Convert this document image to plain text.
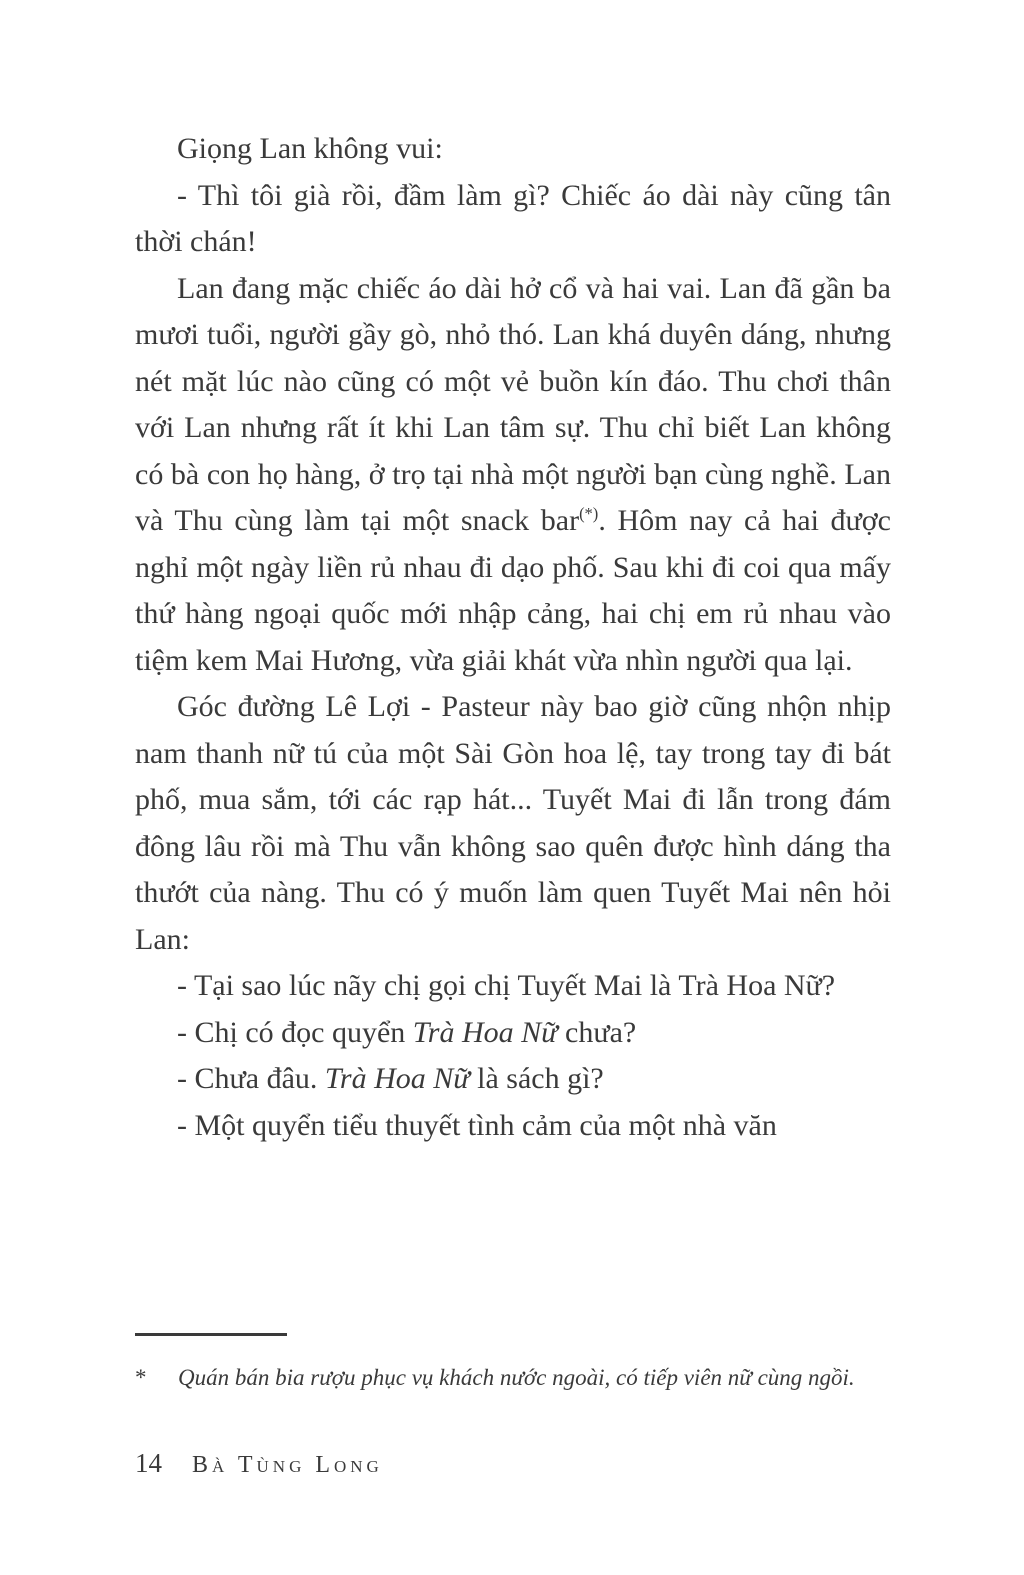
Giọng Lan không vui:

- Thì tôi già rồi, đầm làm gì? Chiếc áo dài này cũng tân thời chán!

Lan đang mặc chiếc áo dài hở cổ và hai vai. Lan đã gần ba mươi tuổi, người gầy gò, nhỏ thó. Lan khá duyên dáng, nhưng nét mặt lúc nào cũng có một vẻ buồn kín đáo. Thu chơi thân với Lan nhưng rất ít khi Lan tâm sự. Thu chỉ biết Lan không có bà con họ hàng, ở trọ tại nhà một người bạn cùng nghề. Lan và Thu cùng làm tại một snack bar(*). Hôm nay cả hai được nghỉ một ngày liền rủ nhau đi dạo phố. Sau khi đi coi qua mấy thứ hàng ngoại quốc mới nhập cảng, hai chị em rủ nhau vào tiệm kem Mai Hương, vừa giải khát vừa nhìn người qua lại.

Góc đường Lê Lợi - Pasteur này bao giờ cũng nhộn nhịp nam thanh nữ tú của một Sài Gòn hoa lệ, tay trong tay đi bát phố, mua sắm, tới các rạp hát... Tuyết Mai đi lẫn trong đám đông lâu rồi mà Thu vẫn không sao quên được hình dáng tha thướt của nàng. Thu có ý muốn làm quen Tuyết Mai nên hỏi Lan:

- Tại sao lúc nãy chị gọi chị Tuyết Mai là Trà Hoa Nữ?

- Chị có đọc quyển Trà Hoa Nữ chưa?

- Chưa đâu. Trà Hoa Nữ là sách gì?

- Một quyển tiểu thuyết tình cảm của một nhà văn

*	Quán bán bia rượu phục vụ khách nước ngoài, có tiếp viên nữ cùng ngồi.
14 Bà Tùng Long
